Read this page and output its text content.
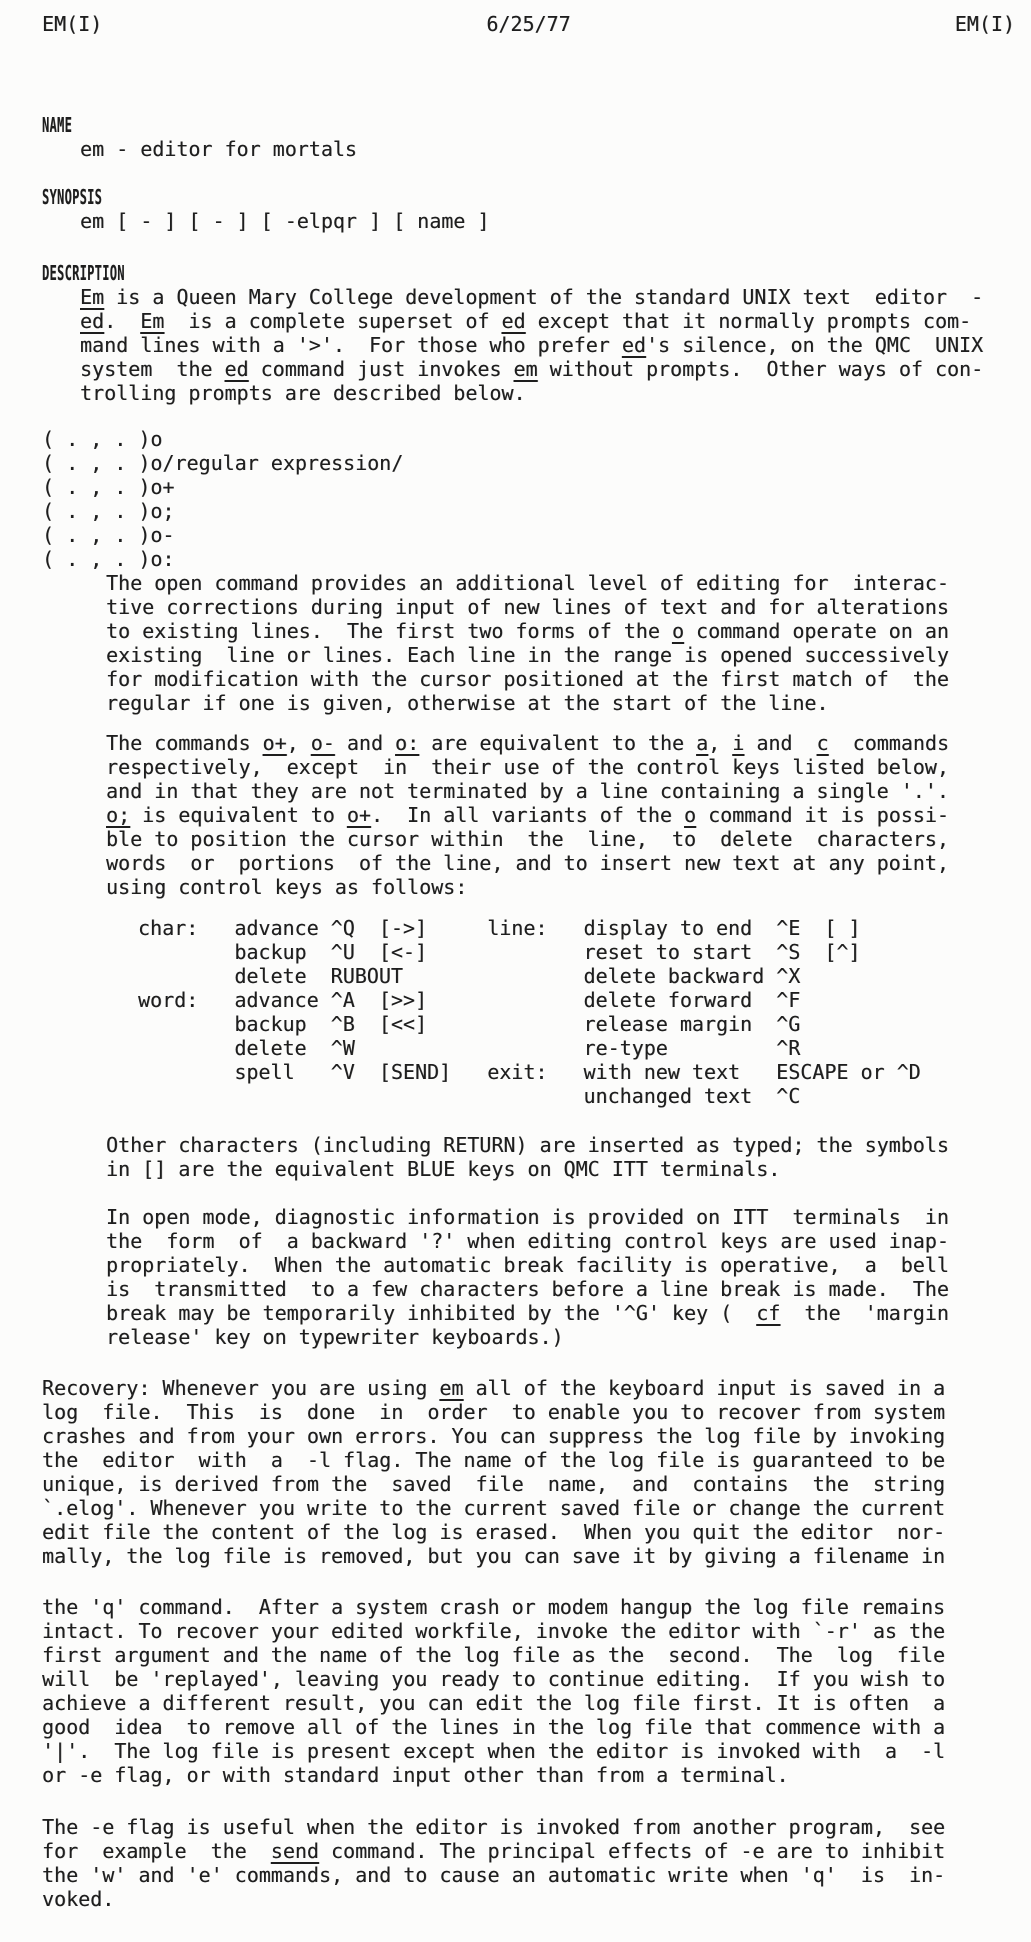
EM(I)	6/25/77	EM(I)
NAME
em - editor for mortals
SYNOPSIS
em [ - ] [ - ] [ -elpqr ] [ name ]
DESCRIPTION
Em is a Queen Mary College development of the standard UNIX text  editor  -
ed.  Em  is a complete superset of ed except that it normally prompts com-
mand lines with a '>'.  For those who prefer ed's silence, on the QMC  UNIX
system  the ed command just invokes em without prompts.  Other ways of con-
trolling prompts are described below.
( . , . )o
( . , . )o/regular expression/
( . , . )o+
( . , . )o;
( . , . )o-
( . , . )o:
The open command provides an additional level of editing for  interac-
tive corrections during input of new lines of text and for alterations
to existing lines.  The first two forms of the o command operate on an
existing  line or lines. Each line in the range is opened successively
for modification with the cursor positioned at the first match of  the
regular if one is given, otherwise at the start of the line.
The commands o+, o- and o: are equivalent to the a, i and  c  commands
respectively,  except  in  their use of the control keys listed below,
and in that they are not terminated by a line containing a single '.'.
o; is equivalent to o+.  In all variants of the o command it is possi-
ble to position the cursor within  the  line,  to  delete  characters,
words  or  portions  of the line, and to insert new text at any point,
using control keys as follows:
char:   advance ^Q  [->]     line:   display to end  ^E  [ ]
backup  ^U  [<-]             reset to start  ^S  [^]
delete  RUBOUT               delete backward ^X
word:   advance ^A  [>>]             delete forward  ^F
backup  ^B  [<<]             release margin  ^G
delete  ^W                   re-type         ^R
spell   ^V  [SEND]   exit:   with new text   ESCAPE or ^D
unchanged text  ^C
Other characters (including RETURN) are inserted as typed; the symbols
in [] are the equivalent BLUE keys on QMC ITT terminals.
In open mode, diagnostic information is provided on ITT  terminals  in
the  form  of  a backward '?' when editing control keys are used inap-
propriately.  When the automatic break facility is operative,  a  bell
is  transmitted  to a few characters before a line break is made.  The
break may be temporarily inhibited by the '^G' key (  cf  the  'margin
release' key on typewriter keyboards.)
Recovery: Whenever you are using em all of the keyboard input is saved in a
log  file.  This  is  done  in  order  to enable you to recover from system
crashes and from your own errors. You can suppress the log file by invoking
the  editor  with  a  -l flag. The name of the log file is guaranteed to be
unique, is derived from the  saved  file  name,  and  contains  the  string
`.elog'. Whenever you write to the current saved file or change the current
edit file the content of the log is erased.  When you quit the editor  nor-
mally, the log file is removed, but you can save it by giving a filename in
the 'q' command.  After a system crash or modem hangup the log file remains
intact. To recover your edited workfile, invoke the editor with `-r' as the
first argument and the name of the log file as the  second.  The  log  file
will  be 'replayed', leaving you ready to continue editing.  If you wish to
achieve a different result, you can edit the log file first. It is often  a
good  idea  to remove all of the lines in the log file that commence with a
'|'.  The log file is present except when the editor is invoked with  a  -l
or -e flag, or with standard input other than from a terminal.
The -e flag is useful when the editor is invoked from another program,  see
for  example  the  send command. The principal effects of -e are to inhibit
the 'w' and 'e' commands, and to cause an automatic write when 'q'  is  in-
voked.
